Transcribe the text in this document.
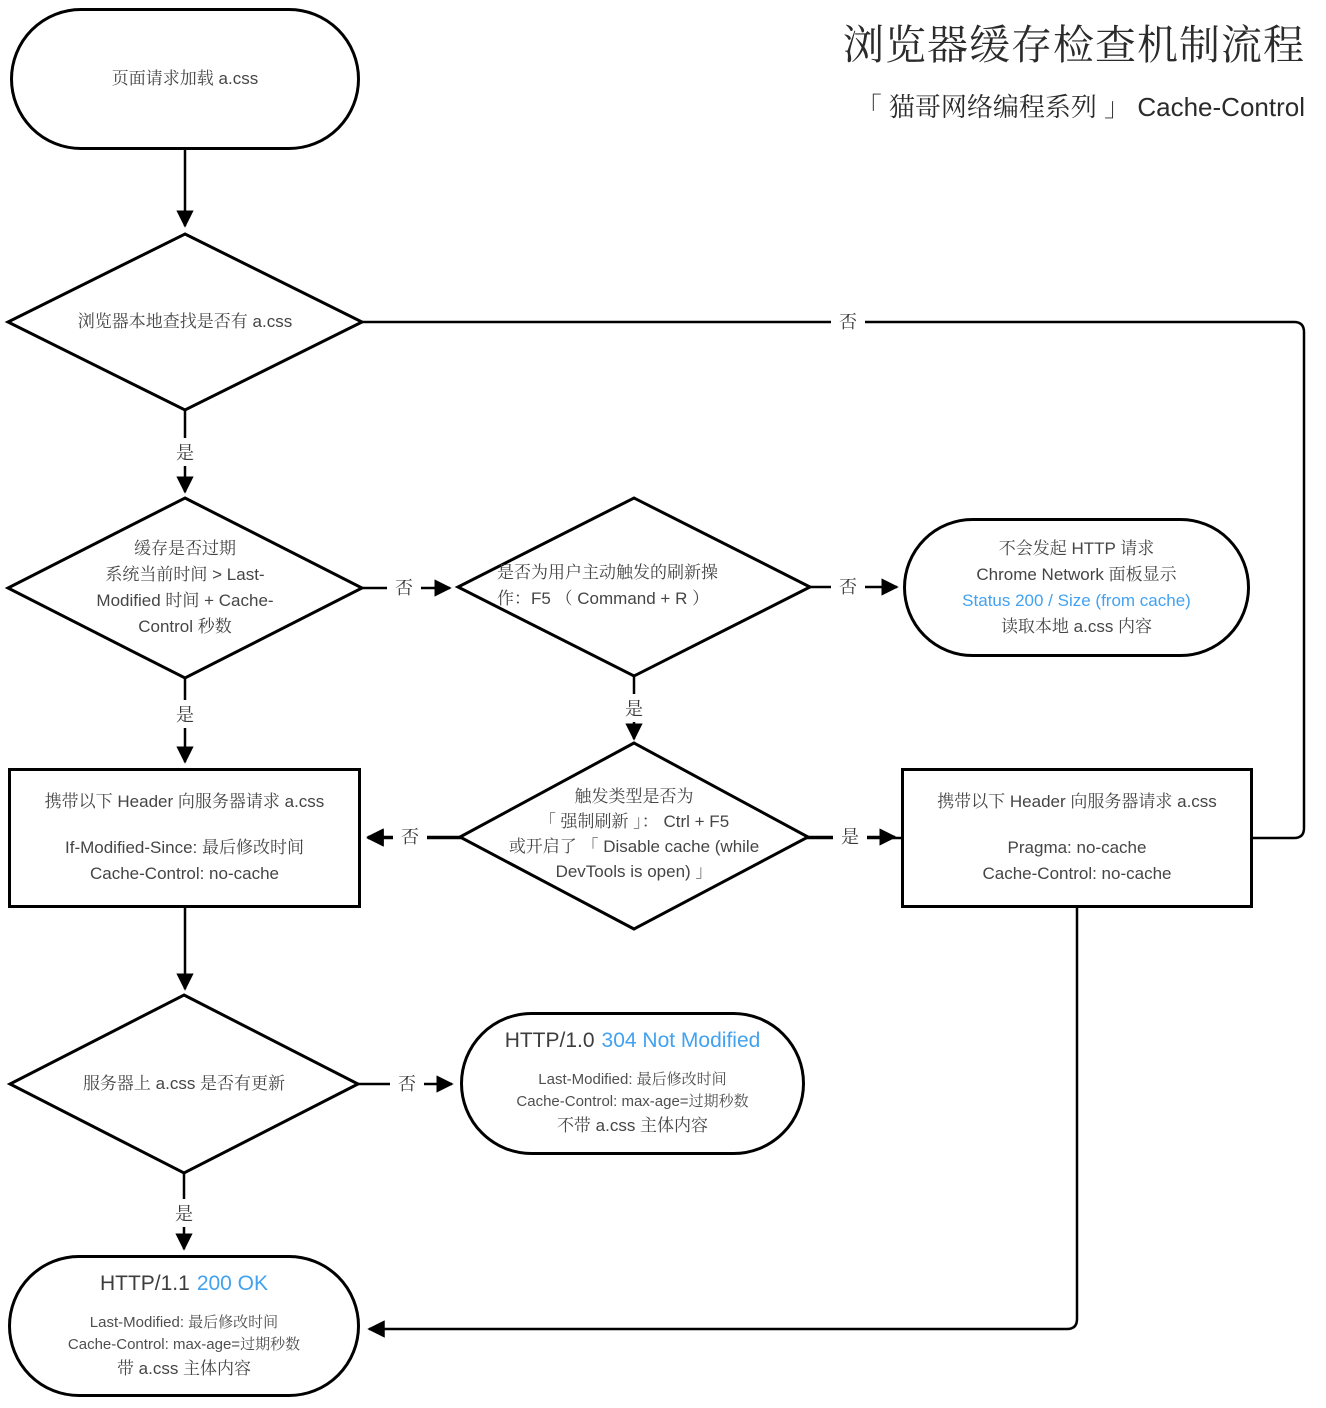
浏览器缓存检查机制流程
「 猫哥网络编程系列 」 Cache-Control
页面请求加载 a.css
浏览器本地查找是否有 a.css
缓存是否过期
系统当前时间 > Last-
Modified 时间 + Cache-
Control 秒数
是否为用户主动触发的刷新操
作：F5 （ Command + R ）
触发类型是否为
「 强制刷新 」： Ctrl + F5
或开启了 「 Disable cache (while
DevTools is open) 」
服务器上 a.css 是否有更新
不会发起 HTTP 请求
Chrome Network 面板显示
Status 200 / Size (from cache)
读取本地 a.css 内容
携带以下 Header 向服务器请求 a.css
If-Modified-Since: 最后修改时间
Cache-Control: no-cache
携带以下 Header 向服务器请求 a.css
Pragma: no-cache
Cache-Control: no-cache
HTTP/1.0 304 Not Modified
Last-Modified: 最后修改时间
Cache-Control: max-age=过期秒数
不带 a.css 主体内容
HTTP/1.1 200 OK
Last-Modified: 最后修改时间
Cache-Control: max-age=过期秒数
带 a.css 主体内容
是
否
是
否	否
是
否	是
否
是
